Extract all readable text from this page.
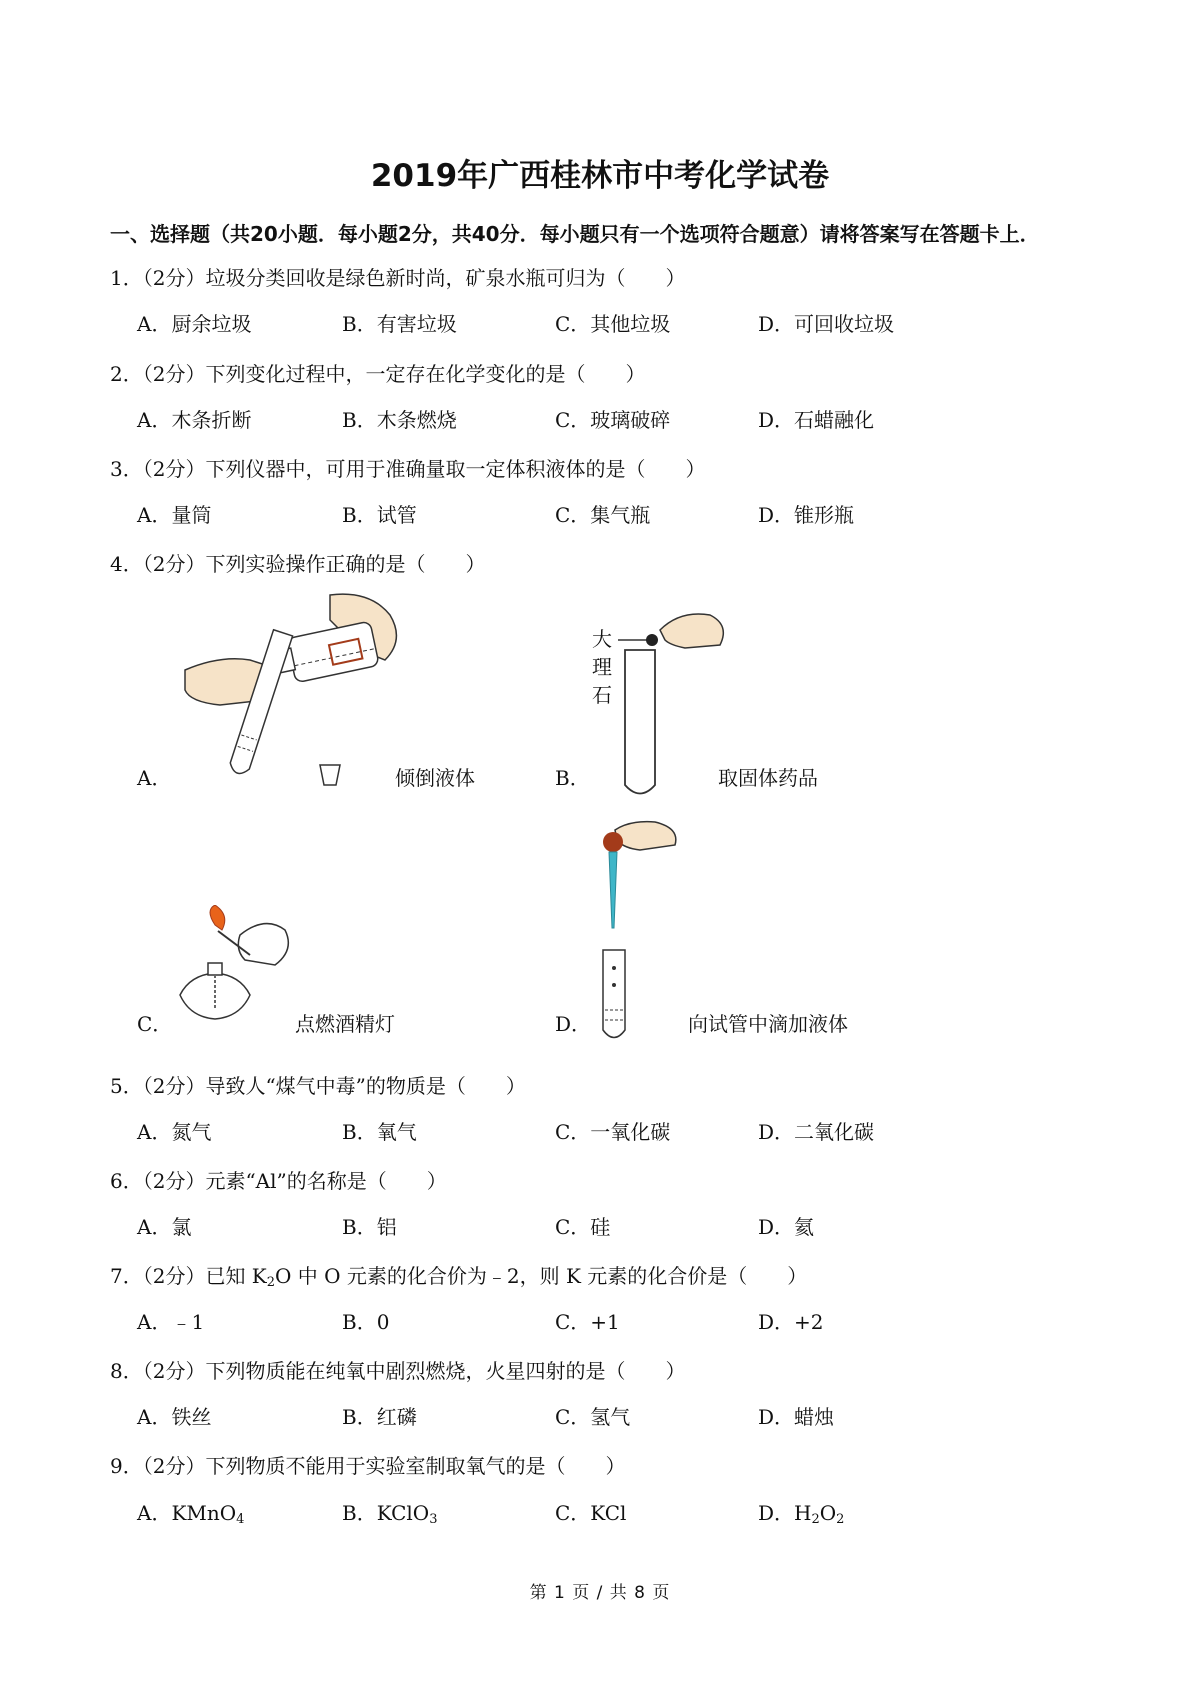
2019年广西桂林市中考化学试卷
一、选择题（共20小题．每小题2分，共40分．每小题只有一个选项符合题意）请将答案写在答题卡上．
1．（2分）垃圾分类回收是绿色新时尚，矿泉水瓶可归为（　　）
A．厨余垃圾	B．有害垃圾	C．其他垃圾	D．可回收垃圾
2．（2分）下列变化过程中，一定存在化学变化的是（　　）
A．木条折断	B．木条燃烧	C．玻璃破碎	D．石蜡融化
3．（2分）下列仪器中，可用于准确量取一定体积液体的是（　　）
A．量筒	B．试管	C．集气瓶	D．锥形瓶
4．（2分）下列实验操作正确的是（　　）
A．	倾倒液体
大
理
石
B．	取固体药品
C．	点燃酒精灯	D．	向试管中滴加液体
5．（2分）导致人“煤气中毒”的物质是（　　）
A．氮气	B．氧气	C．一氧化碳	D．二氧化碳
6．（2分）元素“Al”的名称是（　　）
A．氯	B．铝	C．硅	D．氦
7．（2分）已知 $K_2O$ 中 O 元素的化合价为﹣2，则 K 元素的化合价是（　　）
A．﹣1	B．0	C．+1	D．+2
8．（2分）下列物质能在纯氧中剧烈燃烧，火星四射的是（　　）
A．铁丝	B．红磷	C．氢气	D．蜡烛
9．（2分）下列物质不能用于实验室制取氧气的是（　　）
A．KMnO$_4$	B．KClO$_3$	C．KCl	D．$H_2O_2$
第 1 页 / 共 8 页
